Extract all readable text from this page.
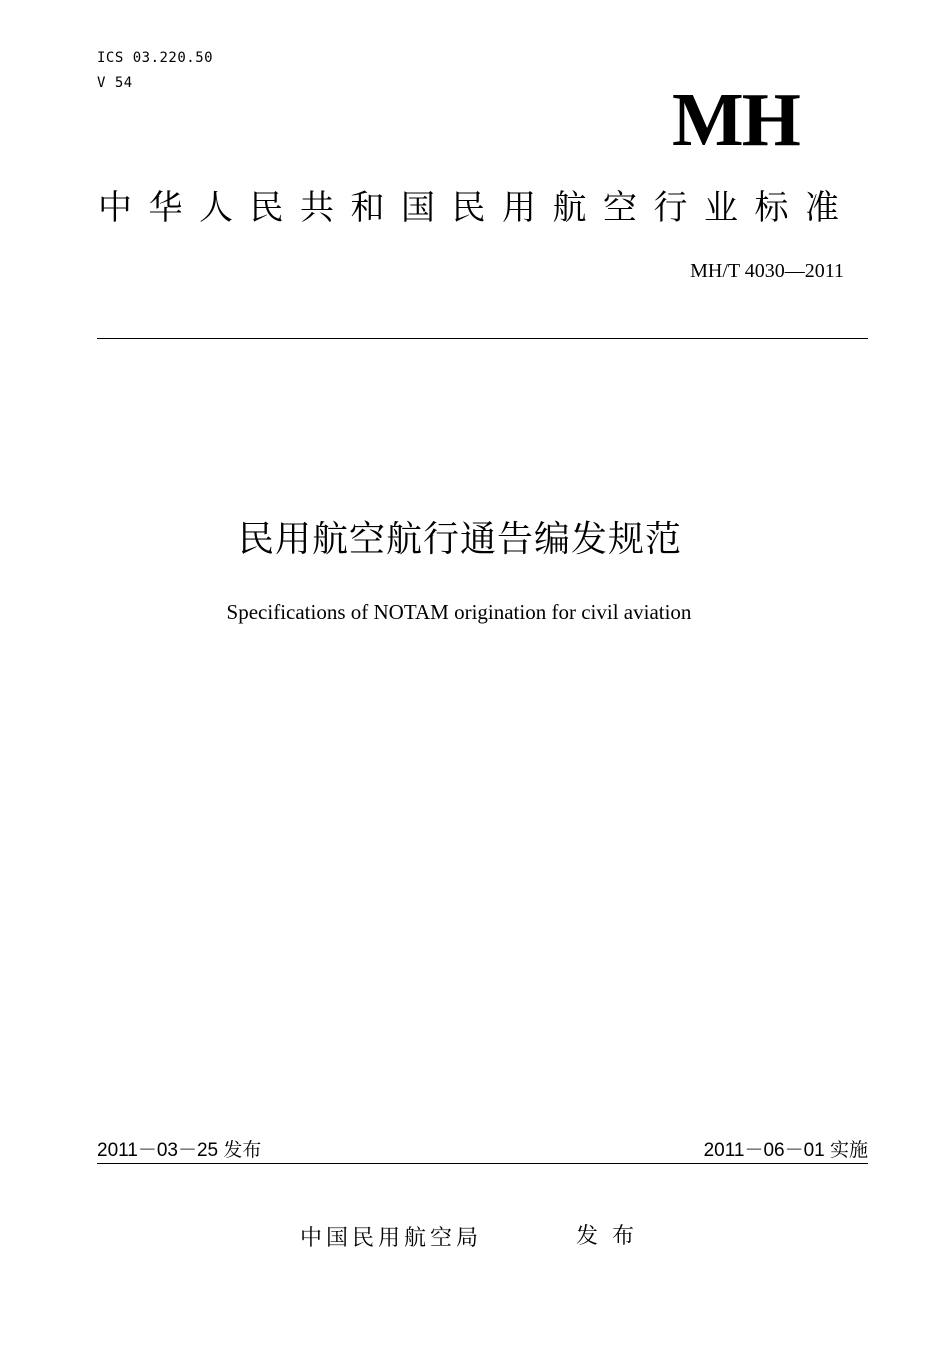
ICS 03.220.50
V 54	MH
中华人民共和国民用航空行业标准
MH/T 4030—2011
民用航空航行通告编发规范
Specifications of NOTAM origination for civil aviation
2011－03－25 发布	2011－06－01 实施
中国民用航空局	发布
